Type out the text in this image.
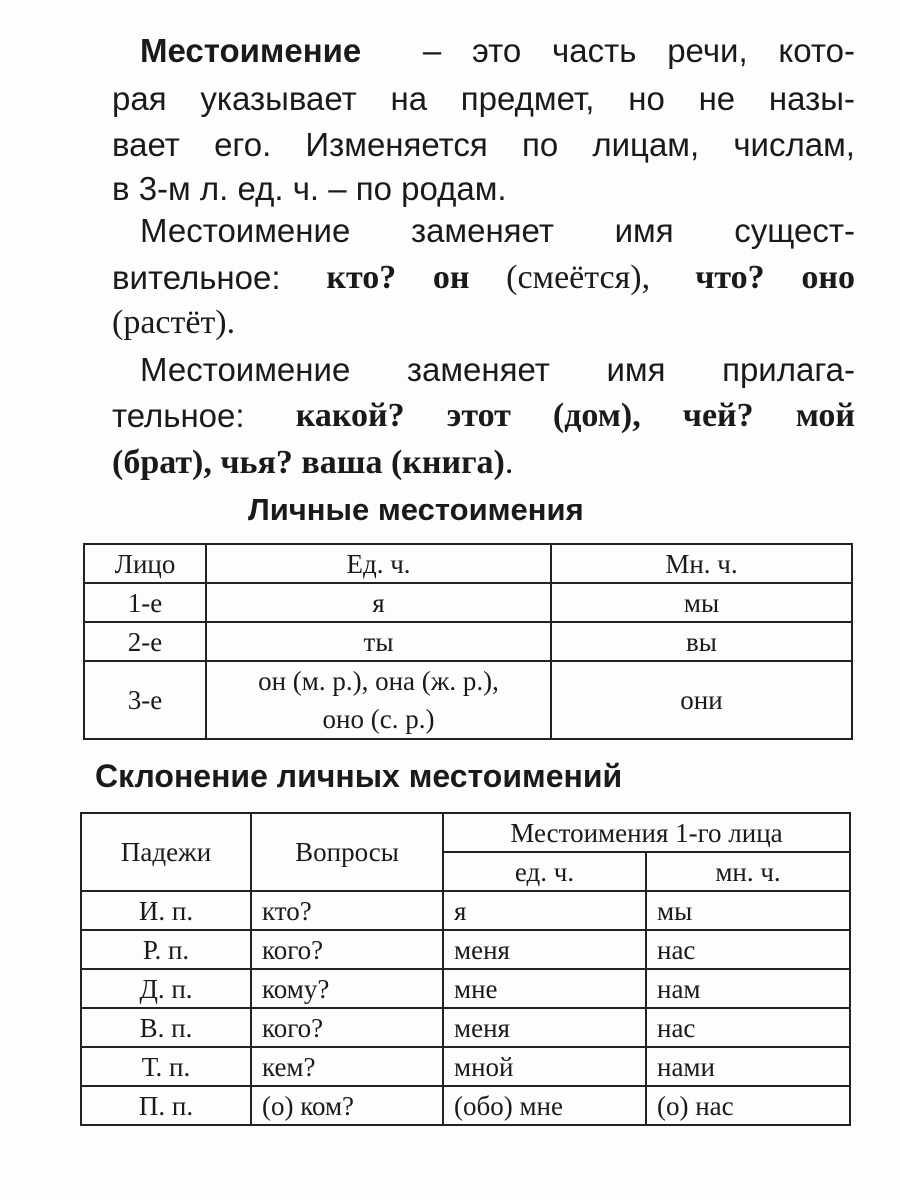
Местоимение – это часть речи, кото-
рая указывает на предмет, но не назы-
вает его. Изменяется по лицам, числам,
в 3-м л. ед. ч. – по родам.
Местоимение заменяет имя сущест-
вительное: кто? он (смеётся), что? оно
(растёт).
Местоимение заменяет имя прилага-
тельное: какой? этот (дом), чей? мой
(брат), чья? ваша (книга) .
Личные местоимения
Лицо	Ед. ч.	Мн. ч.
1-е	я	мы
2-е	ты	вы
3-е	он (м. р.), она (ж. р.),
оно (с. р.)	они
Склонение личных местоимений
Падежи	Вопросы	Местоимения 1-го лица	
		ед. ч.	мн. ч.
И. п.	кто?	я	мы
Р. п.	кого?	меня	нас
Д. п.	кому?	мне	нам
В. п.	кого?	меня	нас
Т. п.	кем?	мной	нами
П. п.	(о) ком?	(обо) мне	(о) нас
